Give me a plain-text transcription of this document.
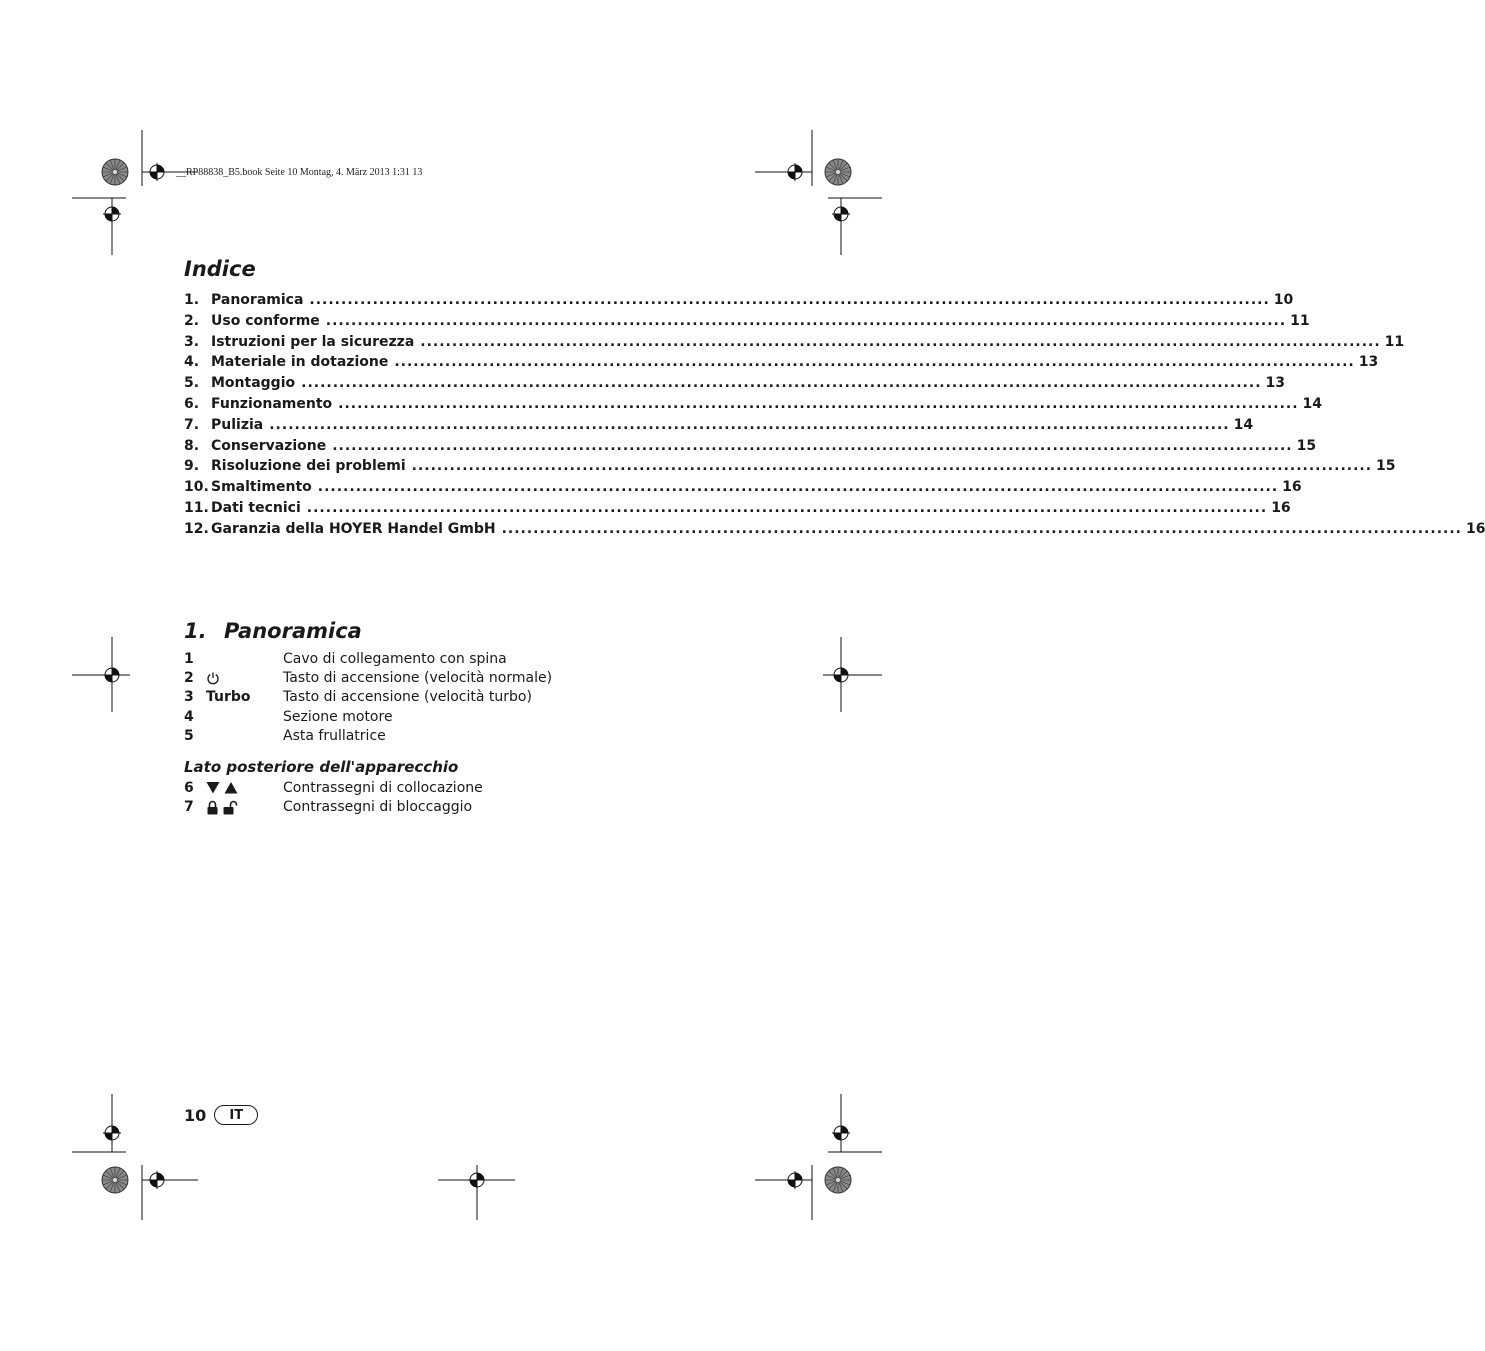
__RP88838_B5.book Seite 10 Montag, 4. März 2013 1:31 13
Indice
1. Panoramica ........................................................................................................................................................ 10
2. Uso conforme ........................................................................................................................................................ 11
3. Istruzioni per la sicurezza ........................................................................................................................................................ 11
4. Materiale in dotazione ........................................................................................................................................................ 13
5. Montaggio ........................................................................................................................................................ 13
6. Funzionamento ........................................................................................................................................................ 14
7. Pulizia ........................................................................................................................................................ 14
8. Conservazione ........................................................................................................................................................ 15
9. Risoluzione dei problemi ........................................................................................................................................................ 15
10. Smaltimento ........................................................................................................................................................ 16
11. Dati tecnici ........................................................................................................................................................ 16
12. Garanzia della HOYER Handel GmbH ........................................................................................................................................................ 16
1. Panoramica
1	Cavo di collegamento con spina
2	Tasto di accensione (velocità normale)
3 Turbo	Tasto di accensione (velocità turbo)
4	Sezione motore
5	Asta frullatrice
Lato posteriore dell'apparecchio
6	Contrassegni di collocazione
7	Contrassegni di bloccaggio
10	IT
